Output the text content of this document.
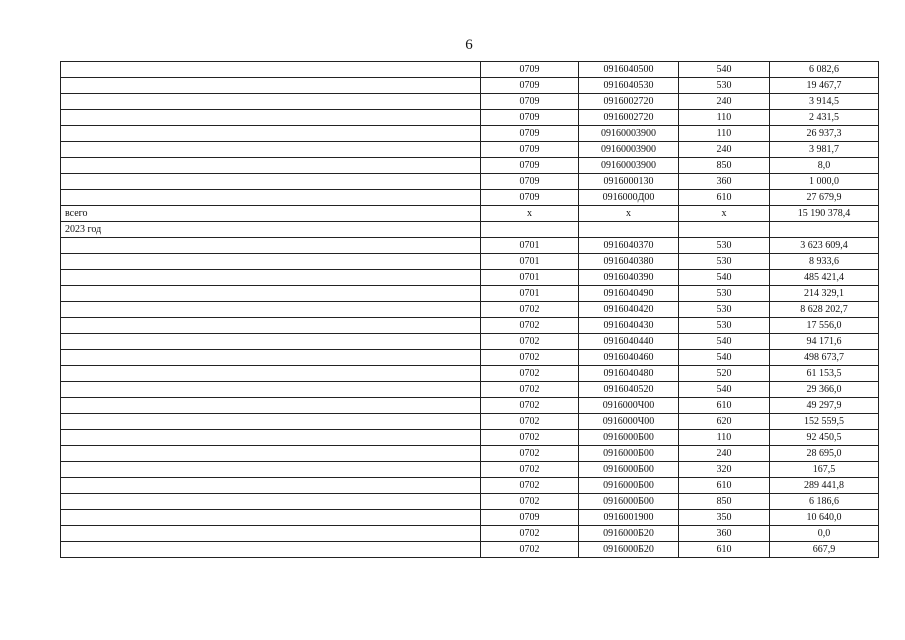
6
	0709	0916040500	540	6 082,6
	0709	0916040530	530	19 467,7
	0709	0916002720	240	3 914,5
	0709	0916002720	110	2 431,5
	0709	09160003900	110	26 937,3
	0709	09160003900	240	3 981,7
	0709	09160003900	850	8,0
	0709	0916000130	360	1 000,0
	0709	0916000Д00	610	27 679,9
всего	х	х	х	15 190 378,4
2023 год				
	0701	0916040370	530	3 623 609,4
	0701	0916040380	530	8 933,6
	0701	0916040390	540	485 421,4
	0701	0916040490	530	214 329,1
	0702	0916040420	530	8 628 202,7
	0702	0916040430	530	17 556,0
	0702	0916040440	540	94 171,6
	0702	0916040460	540	498 673,7
	0702	0916040480	520	61 153,5
	0702	0916040520	540	29 366,0
	0702	0916000Ч00	610	49 297,9
	0702	0916000Ч00	620	152 559,5
	0702	0916000Б00	110	92 450,5
	0702	0916000Б00	240	28 695,0
	0702	0916000Б00	320	167,5
	0702	0916000Б00	610	289 441,8
	0702	0916000Б00	850	6 186,6
	0709	0916001900	350	10 640,0
	0702	0916000Б20	360	0,0
	0702	0916000Б20	610	667,9
